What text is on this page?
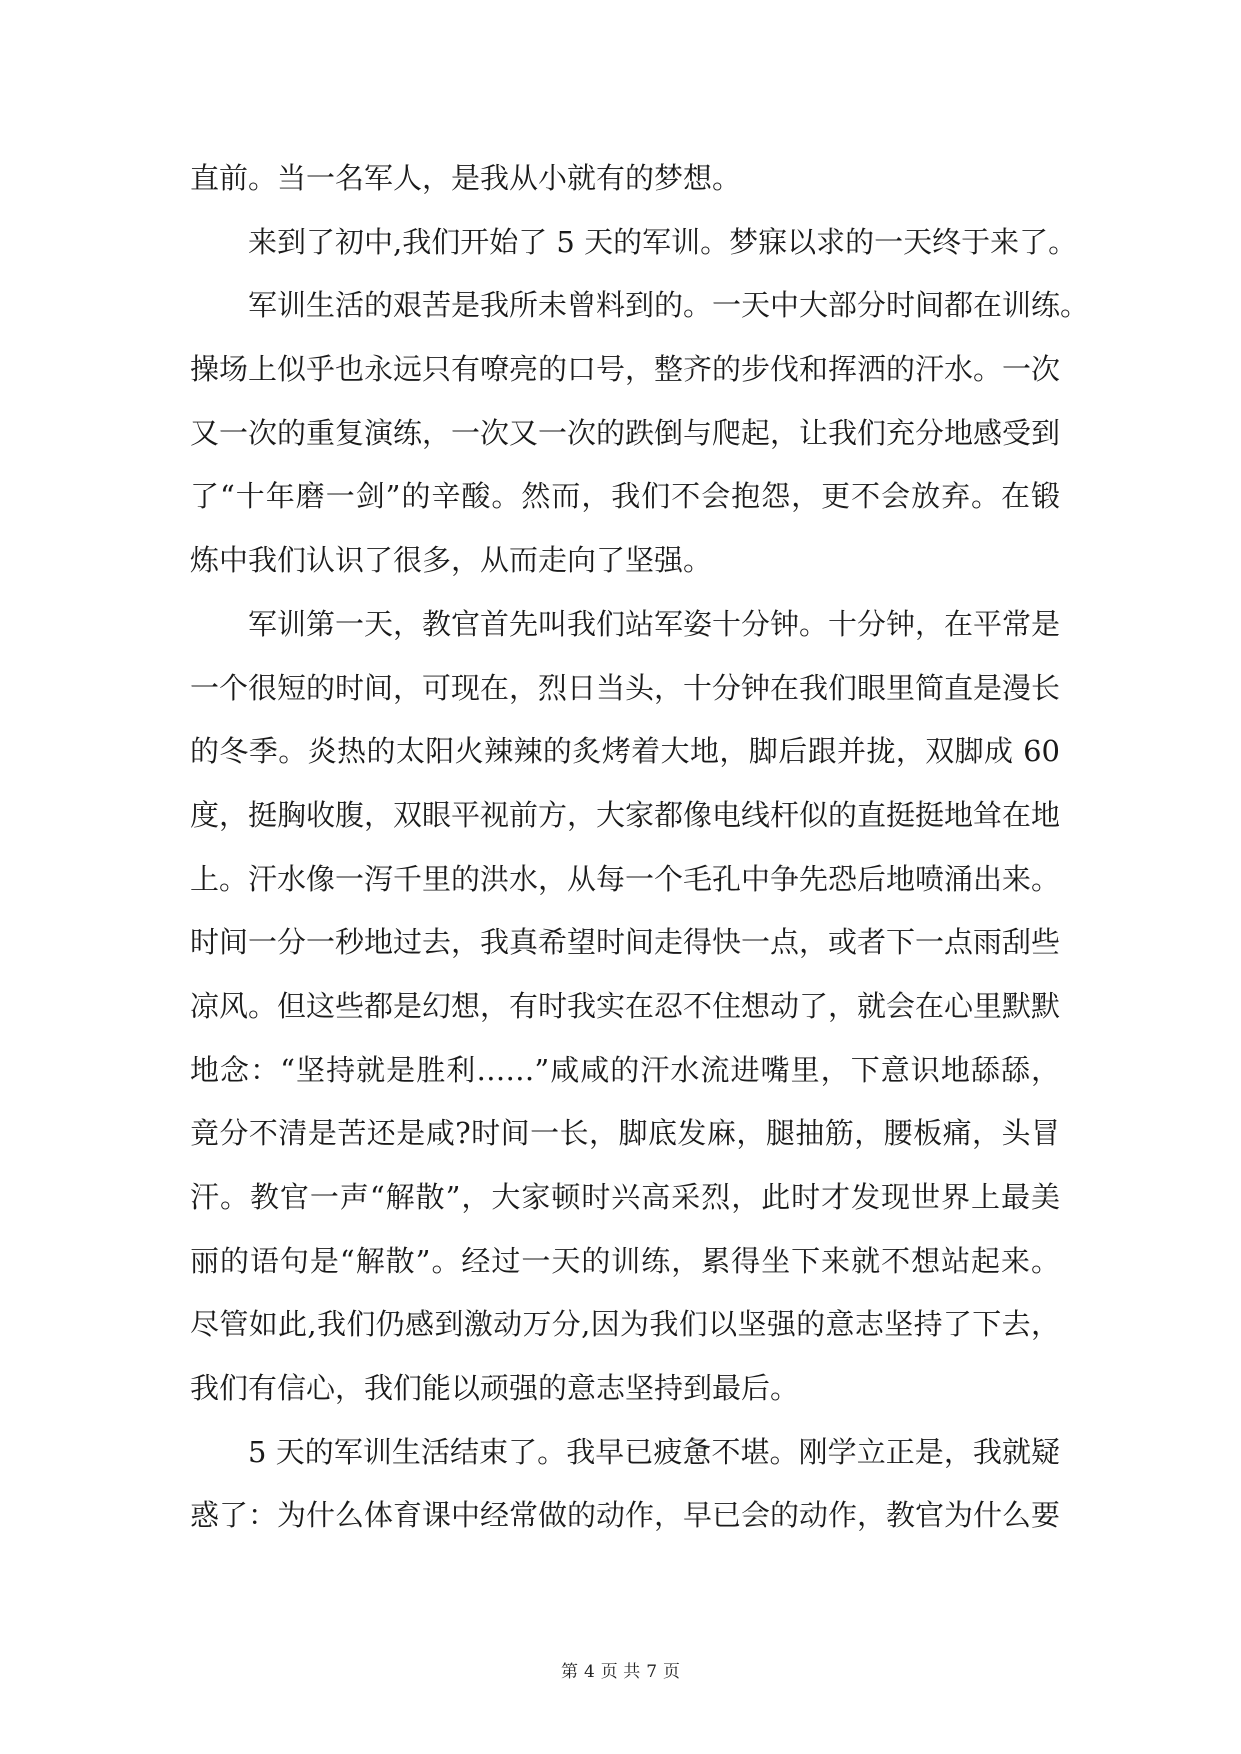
直前。当一名军人，是我从小就有的梦想。
来到了初中,我们开始了 5 天的军训。梦寐以求的一天终于来了。
军训生活的艰苦是我所未曾料到的。一天中大部分时间都在训练。
操场上似乎也永远只有嘹亮的口号，整齐的步伐和挥洒的汗水。一次
又一次的重复演练，一次又一次的跌倒与爬起，让我们充分地感受到
了“十年磨一剑”的辛酸。然而，我们不会抱怨，更不会放弃。在锻
炼中我们认识了很多，从而走向了坚强。
军训第一天，教官首先叫我们站军姿十分钟。十分钟，在平常是
一个很短的时间，可现在，烈日当头，十分钟在我们眼里简直是漫长
的冬季。炎热的太阳火辣辣的炙烤着大地，脚后跟并拢，双脚成 60
度，挺胸收腹，双眼平视前方，大家都像电线杆似的直挺挺地耸在地
上。汗水像一泻千里的洪水，从每一个毛孔中争先恐后地喷涌出来。
时间一分一秒地过去，我真希望时间走得快一点，或者下一点雨刮些
凉风。但这些都是幻想，有时我实在忍不住想动了，就会在心里默默
地念：“坚持就是胜利……”咸咸的汗水流进嘴里，下意识地舔舔，
竟分不清是苦还是咸?时间一长，脚底发麻，腿抽筋，腰板痛，头冒
汗。教官一声“解散”，大家顿时兴高采烈，此时才发现世界上最美
丽的语句是“解散”。经过一天的训练，累得坐下来就不想站起来。
尽管如此,我们仍感到激动万分,因为我们以坚强的意志坚持了下去，
我们有信心，我们能以顽强的意志坚持到最后。
5 天的军训生活结束了。我早已疲惫不堪。刚学立正是，我就疑
惑了：为什么体育课中经常做的动作，早已会的动作，教官为什么要
第 4 页 共 7 页
